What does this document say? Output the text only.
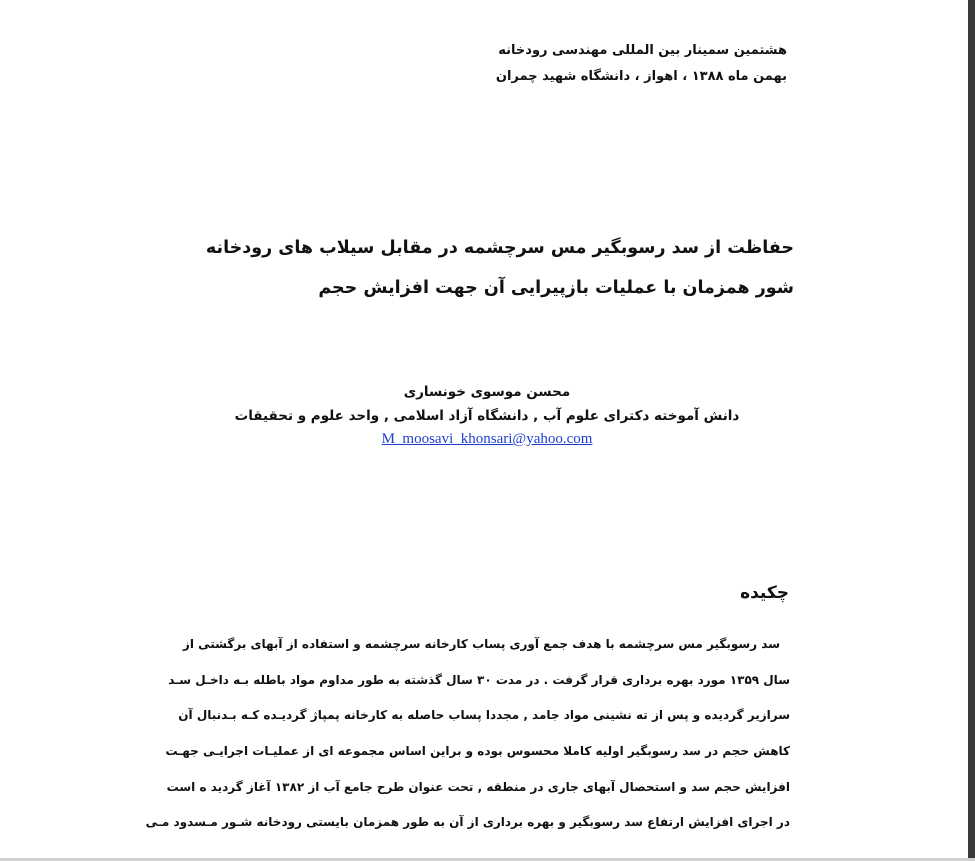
هشتمین سمینار بین المللی مهندسی رودخانه
بهمن ماه ۱۳۸۸ ، اهواز ، دانشگاه شهید چمران
حفاظت از سد رسوبگیر مس سرچشمه در مقابل سیلاب های رودخانه
شور همزمان با عملیات بازپیرایی آن جهت افزایش حجم
محسن موسوی خونساری
دانش آموخته دکترای علوم آب , دانشگاه آزاد اسلامی , واحد علوم و تحقیقات
M_moosavi_khonsari@yahoo.com
چکیده
سد رسوبگیر مس سرچشمه با هدف جمع آوری پساب کارخانه سرچشمه و استفاده از آبهای برگشتی از
سال ۱۳۵۹ مورد بهره برداری قرار گرفت . در مدت ۳۰ سال گذشته به طور مداوم مواد باطله بـه داخـل سـد
سرازیر گردیده و پس از ته نشینی مواد جامد , مجددا پساب حاصله به کارخانه پمپاژ گردیـده کـه بـدنبال آن
کاهش حجم در سد رسوبگیر اولیه کاملا محسوس بوده و براین اساس مجموعه ای از عملیـات اجرایـی جهـت
افزایش حجم سد و استحصال آبهای جاری در منطقه , تحت عنوان طرح جامع آب از ۱۳۸۲ آغاز گردید ه است
در اجرای افزایش ارتفاع سد رسوبگیر و بهره برداری از آن به طور همزمان بایستی رودخانه شـور مـسدود مـی
